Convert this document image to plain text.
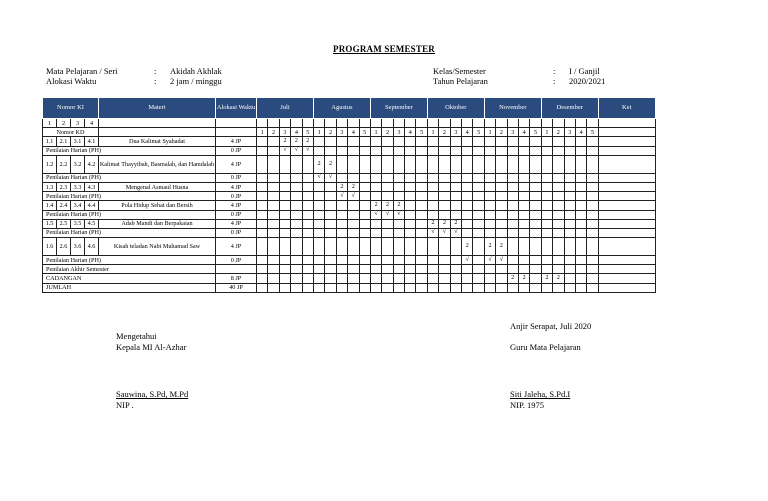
PROGRAM SEMESTER
Mata Pelajaran / Seri	: Akidah Akhlak
Alokasi Waktu	: 2 jam / minggu
Kelas/Semester	: I / Ganjil
Tahun Pelajaran	: 2020/2021
Nomor KI				Materi	Alokasi Waktu	Juli					Agustus					September					Oktober					November					Desember					Ket
1	2	3	4																																	
Nomor KD						1	2	3	4	5	1	2	3	4	5	1	2	3	4	5	1	2	3	4	5	1	2	3	4	5	1	2	3	4	5	
1.1	2.1	3.1	4.1	Dua Kalimat Syahadat	4 JP			2	2	2																										
Penilaian Harian (PH)					0 JP			√	√	√																										
1.2	2.2	3.2	4.2	Kalimat Thayyibah, Basmalah, dan Hamdalah	4 JP						2	2																								
Penilaian Harian (PH)					0 JP						√	√																								
1.3	2.3	3.3	4.3	Mengenal Asmaul Husna	4 JP								2	2																						
Penilaian Harian (PH)					0 JP								√	√																						
1.4	2.4	3.4	4.4	Pola Hidup Sehat dan Bersih	4 JP											2	2	2																		
Penilaian Harian (PH)					0 JP											√	√	√																		
1.5	2.5	3.5	4.5	Adab Mandi dan Berpakaian	4 JP																2	2	2													
Penilaian Harian (PH)					0 JP																√	√	√													
1.6	2.6	3.6	4.6	Kisah teladan Nabi Muhamad Saw	4 JP																			2		2	2									
Penilaian Harian (PH)					0 JP																			√		√	√									
Penilaian Akhir Semester																																				
CADANGAN					8 JP																							2	2		2	2				
JUMLAH					40 JP																															
Mengetahui
Kepala MI Al-Azhar
Sauwina, S.Pd, M.Pd
NIP .
Anjir Serapat, Juli 2020
Guru Mata Pelajaran
Siti Jaleha, S.Pd.I
NIP. 1975
